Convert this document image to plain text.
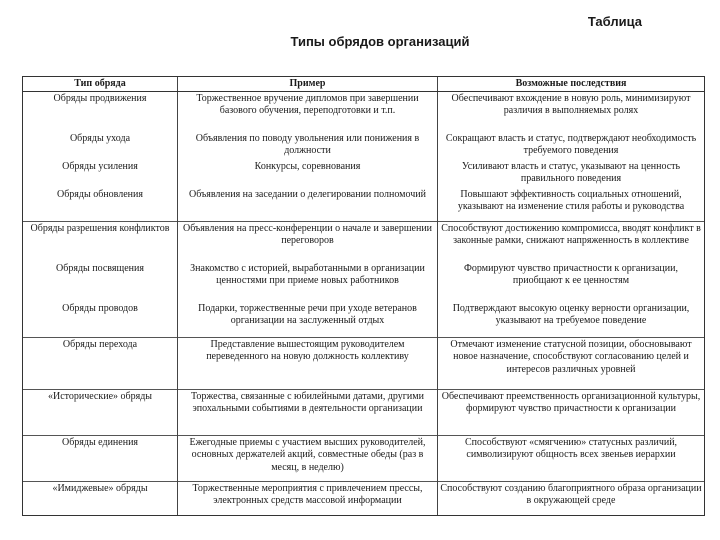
Таблица
Типы обрядов организаций
Тип обряда	Пример	Возможные последствия
Обряды продвижения	Торжественное вручение дипломов при завершении базового обучения, переподготовки и т.п.	Обеспечивают вхождение в новую роль, минимизируют различия в выполняемых ролях
Обряды ухода	Объявления по поводу увольнения или понижения в должности	Сокращают власть и статус, подтверждают необходимость требуемого поведения
Обряды усиления	Конкурсы, соревнования	Усиливают власть и статус, указывают на ценность правильного поведения
Обряды обновления	Объявления на заседании о делегировании полномочий	Повышают эффективность социальных отношений, указывают на изменение стиля работы и руководства
Обряды разрешения конфликтов	Объявления на пресс-конференции о начале и завершении переговоров	Способствуют достижению компромисса, вводят конфликт в законные рамки, снижают напряженность в коллективе
Обряды посвящения	Знакомство с историей, выработанными в организации ценностями при приеме новых работников	Формируют чувство причастности к организации, приобщают к ее ценностям
Обряды проводов	Подарки, торжественные речи при уходе ветеранов организации на заслуженный отдых	Подтверждают высокую оценку верности организации, указывают на требуемое поведение
Обряды перехода	Представление вышестоящим руководителем переведенного на новую должность коллективу	Отмечают изменение статусной позиции, обосновывают новое назначение, способствуют согласованию целей и интересов различных уровней
«Исторические» обряды	Торжества, связанные с юбилейными датами, другими эпохальными событиями в деятельности организации	Обеспечивают преемственность организационной культуры, формируют чувство причастности к организации
Обряды единения	Ежегодные приемы с участием высших руководителей, основных держателей акций, совместные обеды (раз в месяц, в неделю)	Способствуют «смягчению» статусных различий, символизируют общность всех звеньев иерархии
«Имиджевые» обряды	Торжественные мероприятия с привлечением прессы, электронных средств массовой информации	Способствуют созданию благоприятного образа организации в окружающей среде
